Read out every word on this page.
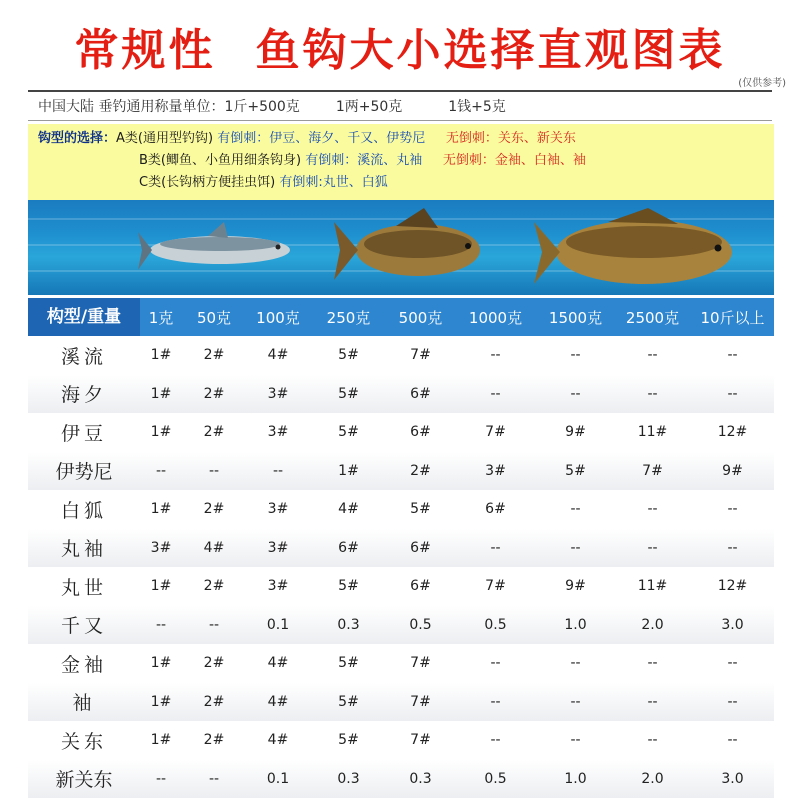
常规性 鱼钩大小选择直观图表
(仅供参考)
中国大陆 垂钓通用称量单位：1斤+500克	1两+50克	1钱+5克
钩型的选择：A类(通用型钓钩) 有倒刺：伊豆、海夕、千又、伊势尼 无倒刺：关东、新关东
B类(鲫鱼、小鱼用细条钩身) 有倒刺：溪流、丸袖 无倒刺：金袖、白袖、袖
C类(长钩柄方便挂虫饵) 有倒刺:丸世、白狐
构型/重量	1克	50克	100克	250克	500克	1000克	1500克	2500克	10斤以上
溪流	1#	2#	4#	5#	7#	--	--	--	--
海夕	1#	2#	3#	5#	6#	--	--	--	--
伊豆	1#	2#	3#	5#	6#	7#	9#	11#	12#
伊势尼	--	--	--	1#	2#	3#	5#	7#	9#
白狐	1#	2#	3#	4#	5#	6#	--	--	--
丸袖	3#	4#	3#	6#	6#	--	--	--	--
丸世	1#	2#	3#	5#	6#	7#	9#	11#	12#
千又	--	--	0.1	0.3	0.5	0.5	1.0	2.0	3.0
金袖	1#	2#	4#	5#	7#	--	--	--	--
袖	1#	2#	4#	5#	7#	--	--	--	--
关东	1#	2#	4#	5#	7#	--	--	--	--
新关东	--	--	0.1	0.3	0.3	0.5	1.0	2.0	3.0
